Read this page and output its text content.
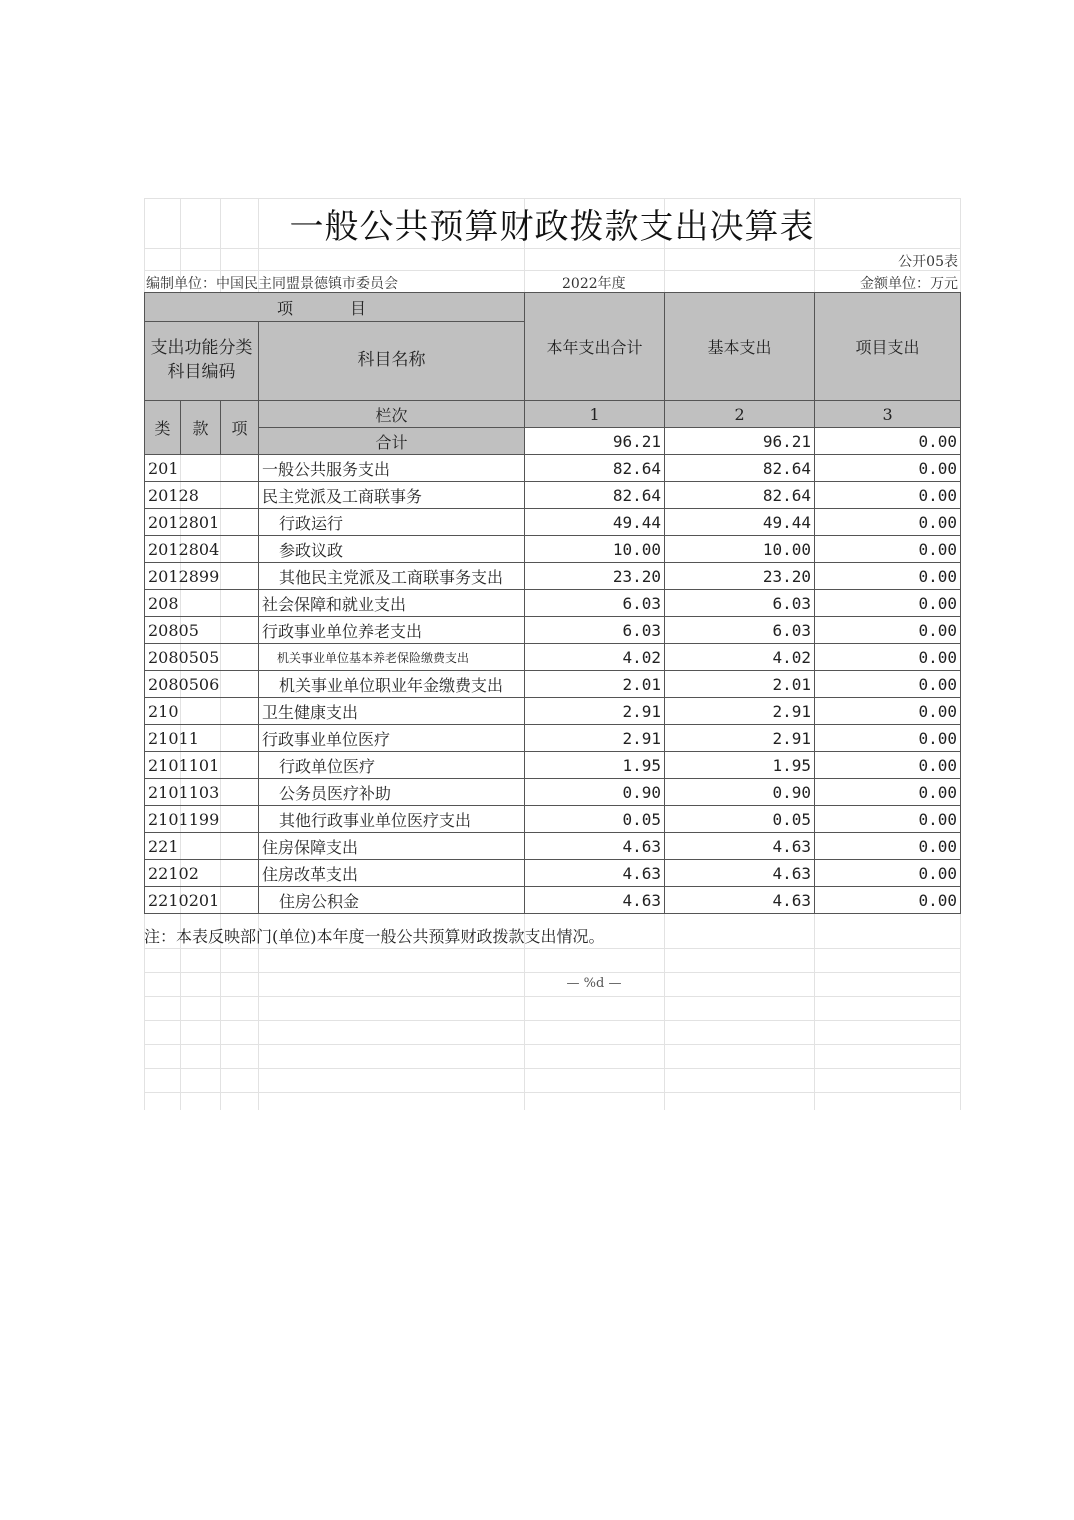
一般公共预算财政拨款支出决算表
公开05表
编制单位：中国民主同盟景德镇市委员会	2022年度	金额单位：万元
项 目				本年支出合计	基本支出	项目支出
支出功能分类科目编码			科目名称			
类	款	项	栏次	1	2	3
			合计	96.21	96.21	0.00
201			一般公共服务支出	82.64	82.64	0.00
20128			民主党派及工商联事务	82.64	82.64	0.00
2012801			行政运行	49.44	49.44	0.00
2012804			参政议政	10.00	10.00	0.00
2012899			其他民主党派及工商联事务支出	23.20	23.20	0.00
208			社会保障和就业支出	6.03	6.03	0.00
20805			行政事业单位养老支出	6.03	6.03	0.00
2080505			机关事业单位基本养老保险缴费支出	4.02	4.02	0.00
2080506			机关事业单位职业年金缴费支出	2.01	2.01	0.00
210			卫生健康支出	2.91	2.91	0.00
21011			行政事业单位医疗	2.91	2.91	0.00
2101101			行政单位医疗	1.95	1.95	0.00
2101103			公务员医疗补助	0.90	0.90	0.00
2101199			其他行政事业单位医疗支出	0.05	0.05	0.00
221			住房保障支出	4.63	4.63	0.00
22102			住房改革支出	4.63	4.63	0.00
2210201			住房公积金	4.63	4.63	0.00
注：本表反映部门(单位)本年度一般公共预算财政拨款支出情况。
— %d —
